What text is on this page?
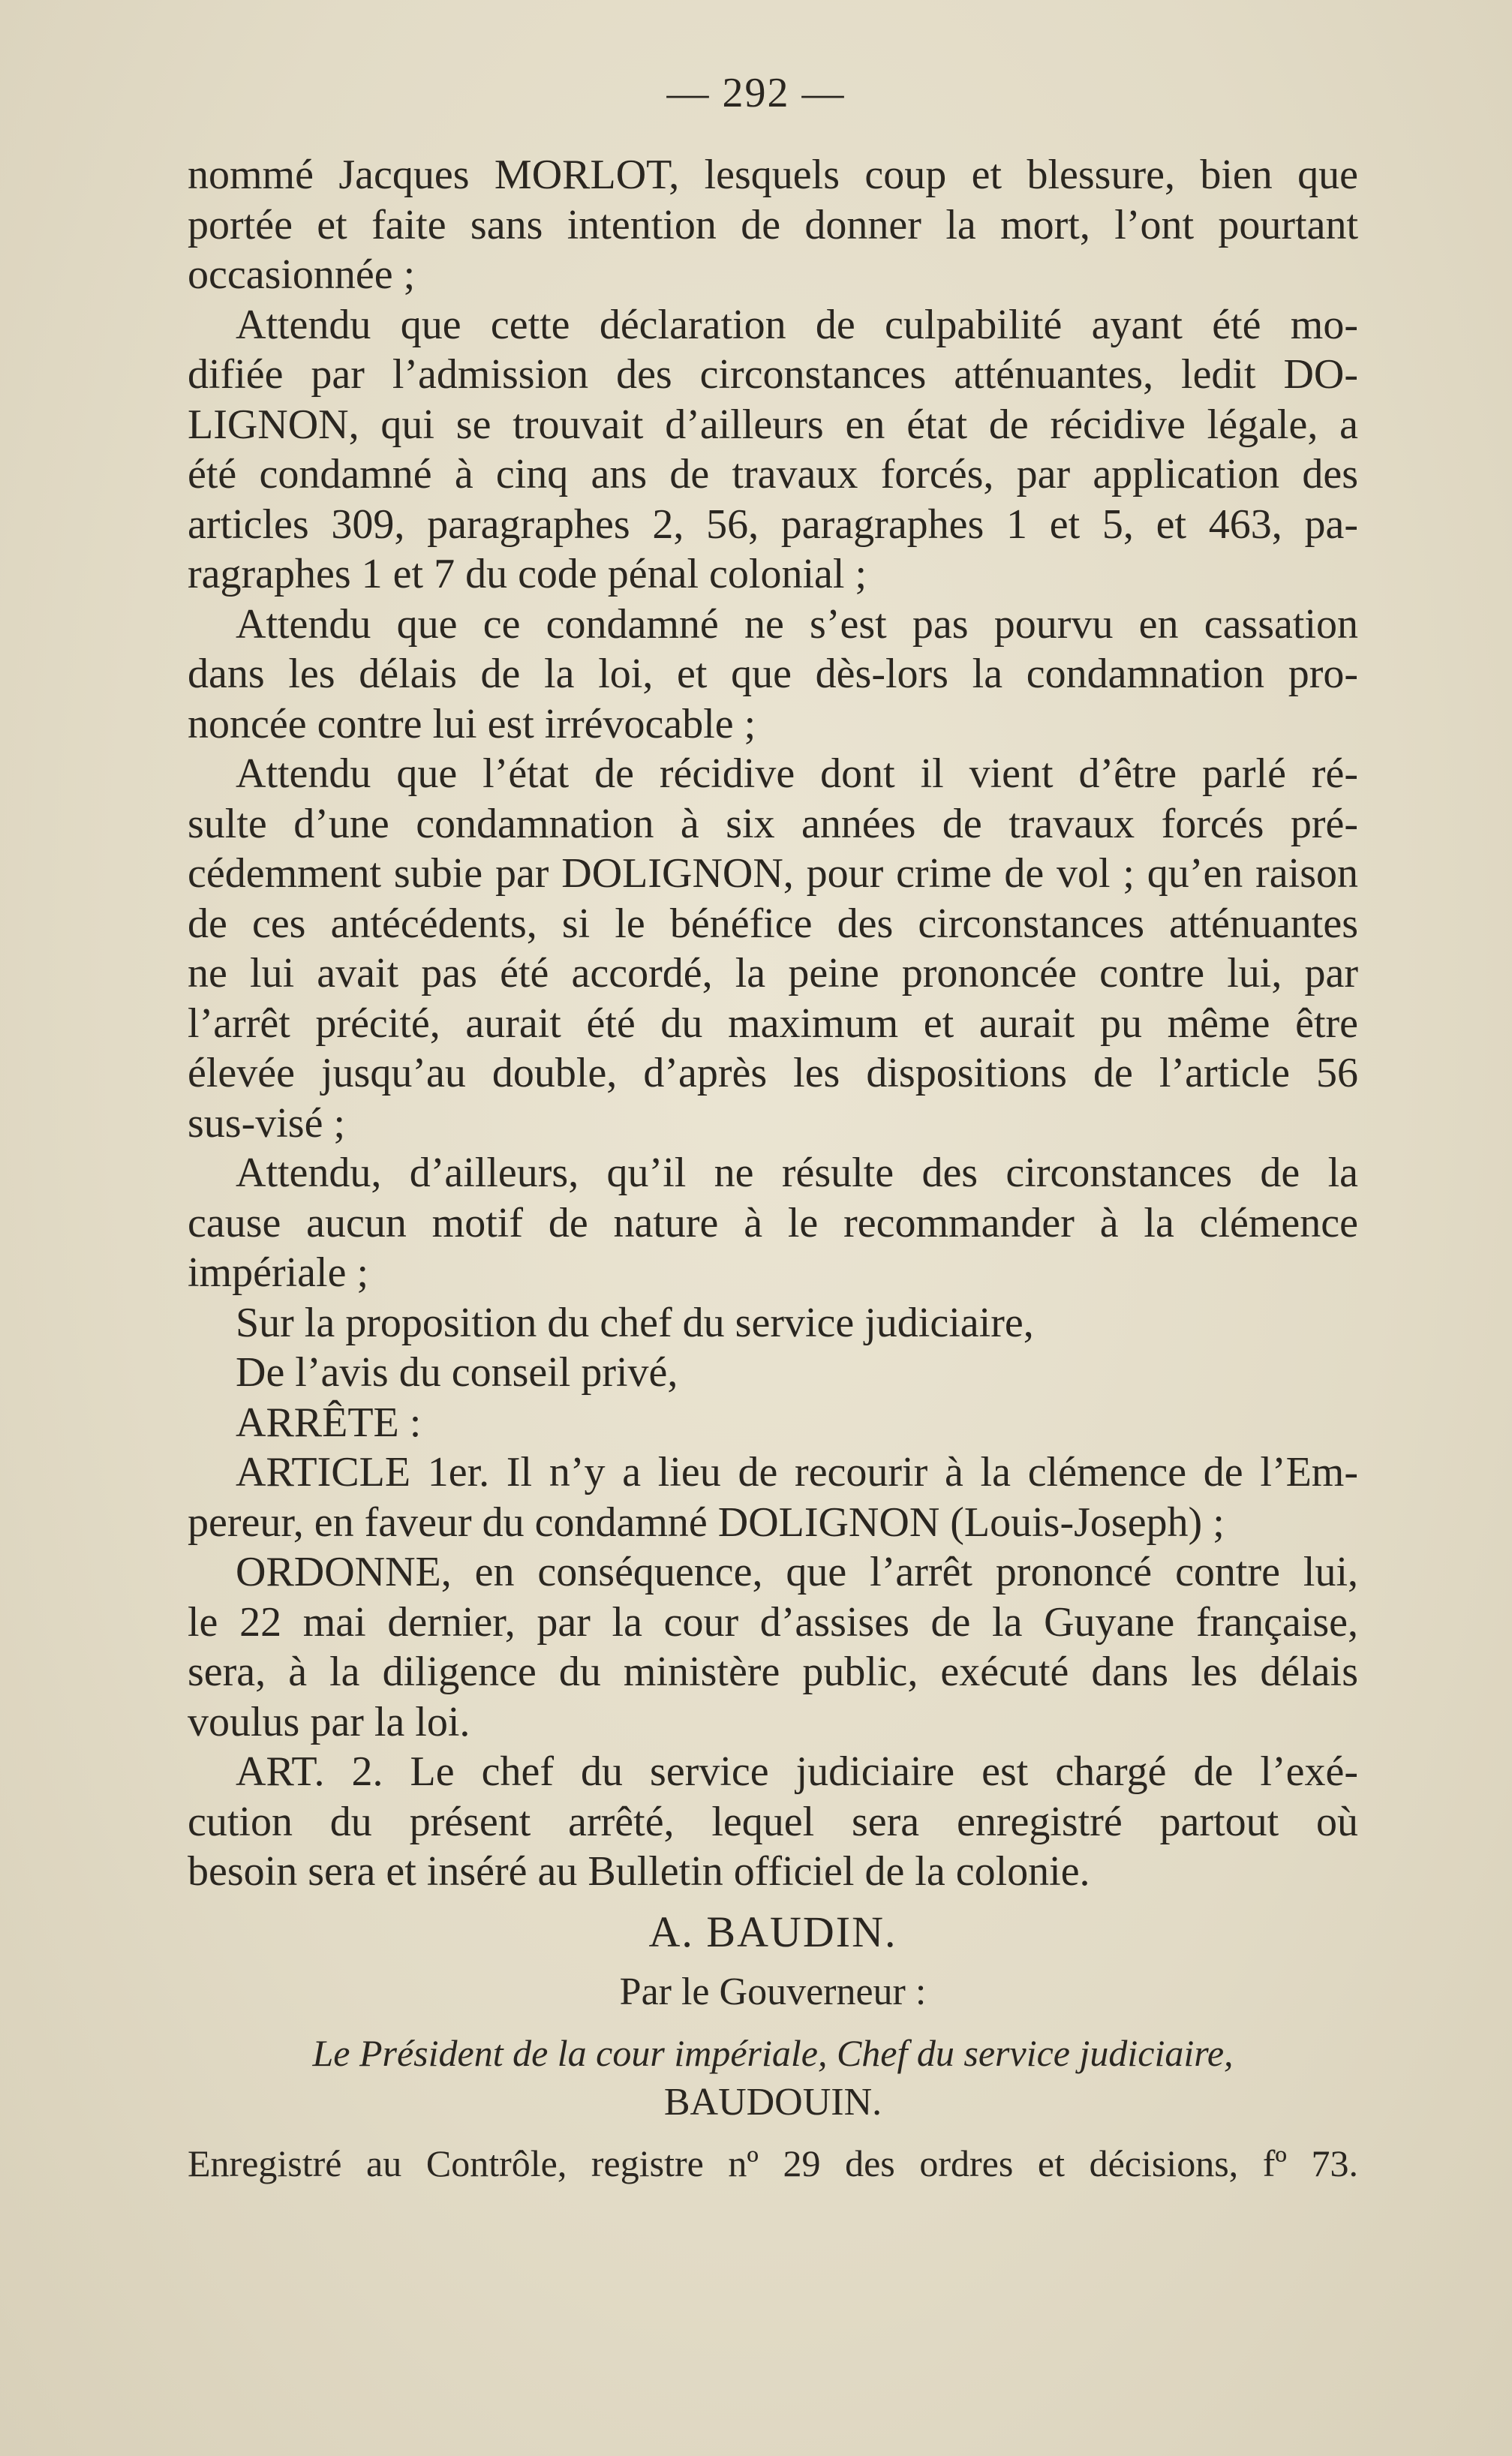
— 292 —
nommé Jacques MORLOT, lesquels coup et blessure, bien que
portée et faite sans intention de donner la mort, l’ont pourtant
occasionnée ;
Attendu que cette déclaration de culpabilité ayant été mo-
difiée par l’admission des circonstances atténuantes, ledit DO-
LIGNON, qui se trouvait d’ailleurs en état de récidive légale, a
été condamné à cinq ans de travaux forcés, par application des
articles 309, paragraphes 2, 56, paragraphes 1 et 5, et 463, pa-
ragraphes 1 et 7 du code pénal colonial ;
Attendu que ce condamné ne s’est pas pourvu en cassation
dans les délais de la loi, et que dès-lors la condamnation pro-
noncée contre lui est irrévocable ;
Attendu que l’état de récidive dont il vient d’être parlé ré-
sulte d’une condamnation à six années de travaux forcés pré-
cédemment subie par DOLIGNON, pour crime de vol ; qu’en raison
de ces antécédents, si le bénéfice des circonstances atténuantes
ne lui avait pas été accordé, la peine prononcée contre lui, par
l’arrêt précité, aurait été du maximum et aurait pu même être
élevée jusqu’au double, d’après les dispositions de l’article 56
sus-visé ;
Attendu, d’ailleurs, qu’il ne résulte des circonstances de la
cause aucun motif de nature à le recommander à la clémence
impériale ;
Sur la proposition du chef du service judiciaire,
De l’avis du conseil privé,
ARRÊTE :
ARTICLE 1er. Il n’y a lieu de recourir à la clémence de l’Em-
pereur, en faveur du condamné DOLIGNON (Louis-Joseph) ;
ORDONNE, en conséquence, que l’arrêt prononcé contre lui,
le 22 mai dernier, par la cour d’assises de la Guyane française,
sera, à la diligence du ministère public, exécuté dans les délais
voulus par la loi.
ART. 2. Le chef du service judiciaire est chargé de l’exé-
cution du présent arrêté, lequel sera enregistré partout où
besoin sera et inséré au Bulletin officiel de la colonie.
A. BAUDIN.
Par le Gouverneur :
Le Président de la cour impériale, Chef du service judiciaire,
BAUDOUIN.
Enregistré au Contrôle, registre nº 29 des ordres et décisions, fº 73.
